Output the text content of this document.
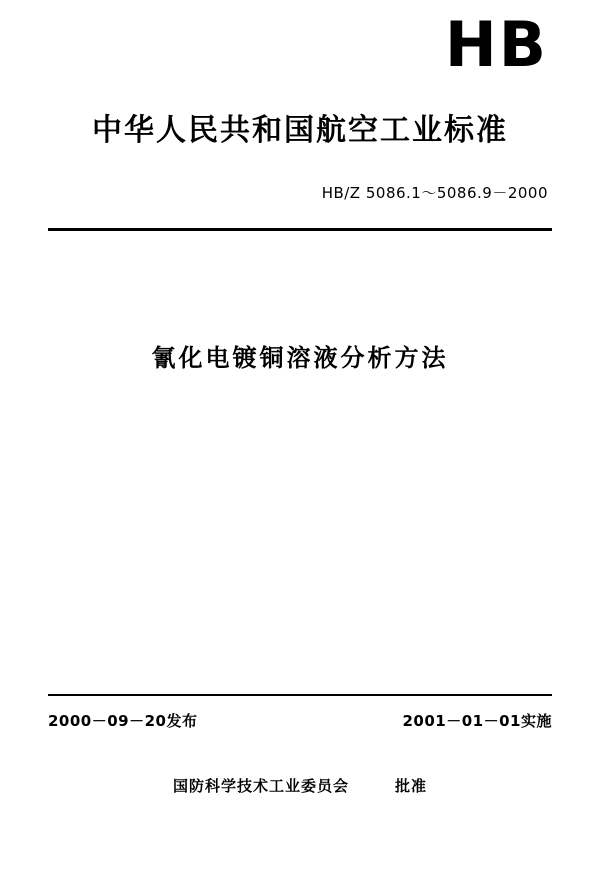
HB
中华人民共和国航空工业标准
HB/Z 5086.1～5086.9－2000
氰化电镀铜溶液分析方法
2000－09－20发布	2001－01－01实施
国防科学技术工业委员会	批准
